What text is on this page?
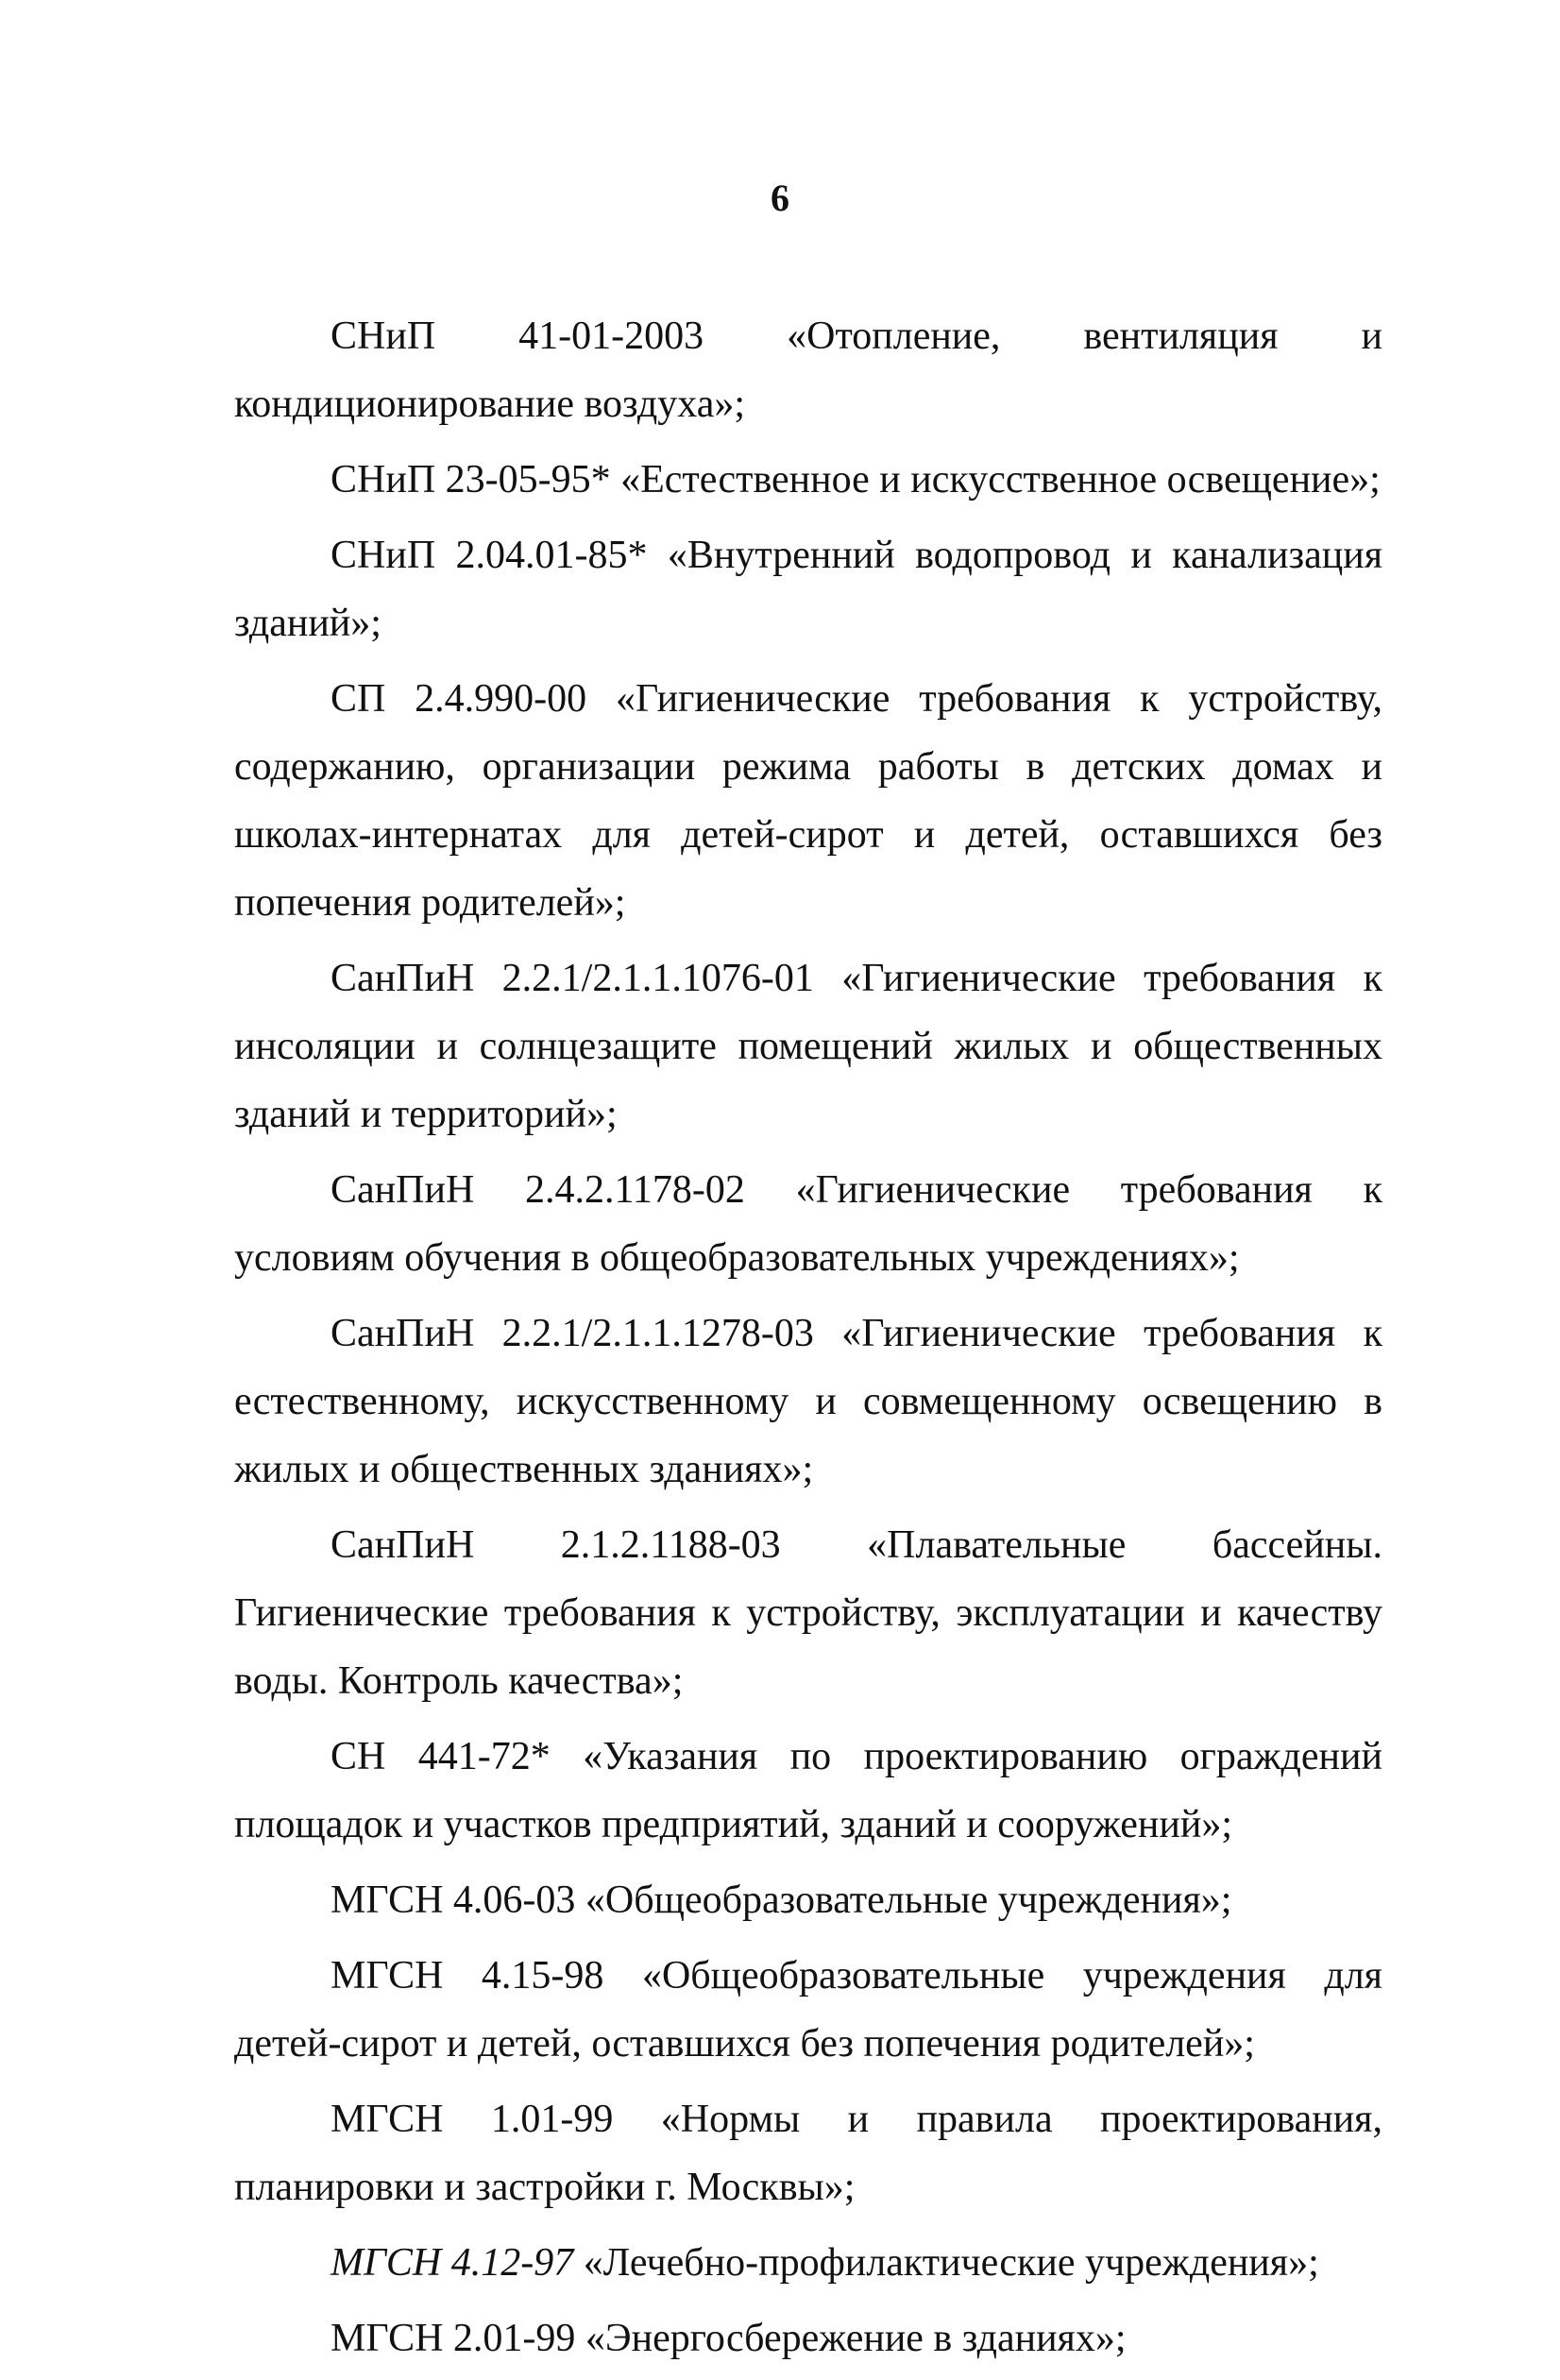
6

СНиП 41-01-2003 «Отопление, вентиляция и кондиционирование воздуха»;

СНиП 23-05-95* «Естественное и искусственное освещение»;

СНиП 2.04.01-85* «Внутренний водопровод и канализация зданий»;

СП 2.4.990-00 «Гигиенические требования к устройству, содержанию, организации режима работы в детских домах и школах-интернатах для детей-сирот и детей, оставшихся без попечения родителей»;

СанПиН 2.2.1/2.1.1.1076-01 «Гигиенические требования к инсоляции и солнцезащите помещений жилых и общественных зданий и территорий»;

СанПиН 2.4.2.1178-02 «Гигиенические требования к условиям обучения в общеобразовательных учреждениях»;

СанПиН 2.2.1/2.1.1.1278-03 «Гигиенические требования к естественному, искусственному и совмещенному освещению в жилых и общественных зданиях»;

СанПиН 2.1.2.1188-03 «Плавательные бассейны. Гигиенические требования к устройству, эксплуатации и качеству воды. Контроль качества»;

СН 441-72* «Указания по проектированию ограждений площадок и участков предприятий, зданий и сооружений»;

МГСН 4.06-03 «Общеобразовательные учреждения»;

МГСН 4.15-98 «Общеобразовательные учреждения для детей-сирот и детей, оставшихся без попечения родителей»;

МГСН 1.01-99 «Нормы и правила проектирования, планировки и застройки г. Москвы»;

МГСН 4.12-97 «Лечебно-профилактические учреждения»;

МГСН 2.01-99 «Энергосбережение в зданиях»;
